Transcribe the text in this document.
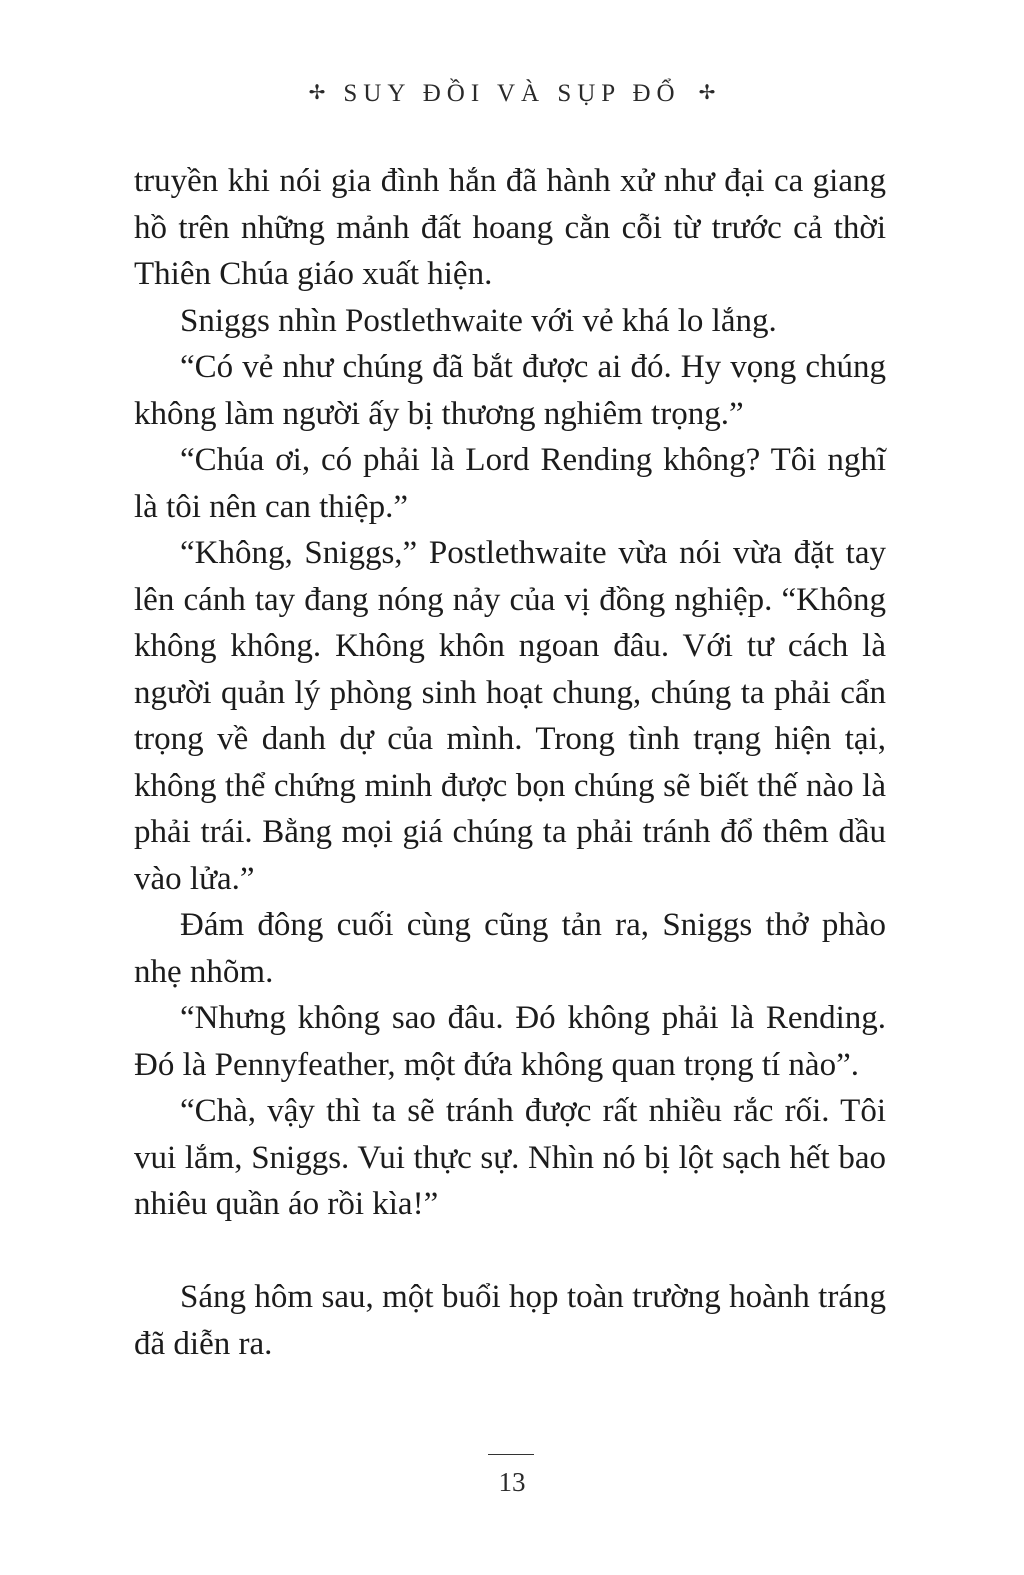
✢ SUY ĐỒI VÀ SỤP ĐỔ ✢

truyền khi nói gia đình hắn đã hành xử như đại ca giang hồ trên những mảnh đất hoang cằn cỗi từ trước cả thời Thiên Chúa giáo xuất hiện.

Sniggs nhìn Postlethwaite với vẻ khá lo lắng.

“Có vẻ như chúng đã bắt được ai đó. Hy vọng chúng không làm người ấy bị thương nghiêm trọng.”

“Chúa ơi, có phải là Lord Rending không? Tôi nghĩ là tôi nên can thiệp.”

“Không, Sniggs,” Postlethwaite vừa nói vừa đặt tay lên cánh tay đang nóng nảy của vị đồng nghiệp. “Không không không. Không khôn ngoan đâu. Với tư cách là người quản lý phòng sinh hoạt chung, chúng ta phải cẩn trọng về danh dự của mình. Trong tình trạng hiện tại, không thể chứng minh được bọn chúng sẽ biết thế nào là phải trái. Bằng mọi giá chúng ta phải tránh đổ thêm dầu vào lửa.”

Đám đông cuối cùng cũng tản ra, Sniggs thở phào nhẹ nhõm.

“Nhưng không sao đâu. Đó không phải là Rending. Đó là Pennyfeather, một đứa không quan trọng tí nào”.

“Chà, vậy thì ta sẽ tránh được rất nhiều rắc rối. Tôi vui lắm, Sniggs. Vui thực sự. Nhìn nó bị lột sạch hết bao nhiêu quần áo rồi kìa!”

Sáng hôm sau, một buổi họp toàn trường hoành tráng đã diễn ra.

13
